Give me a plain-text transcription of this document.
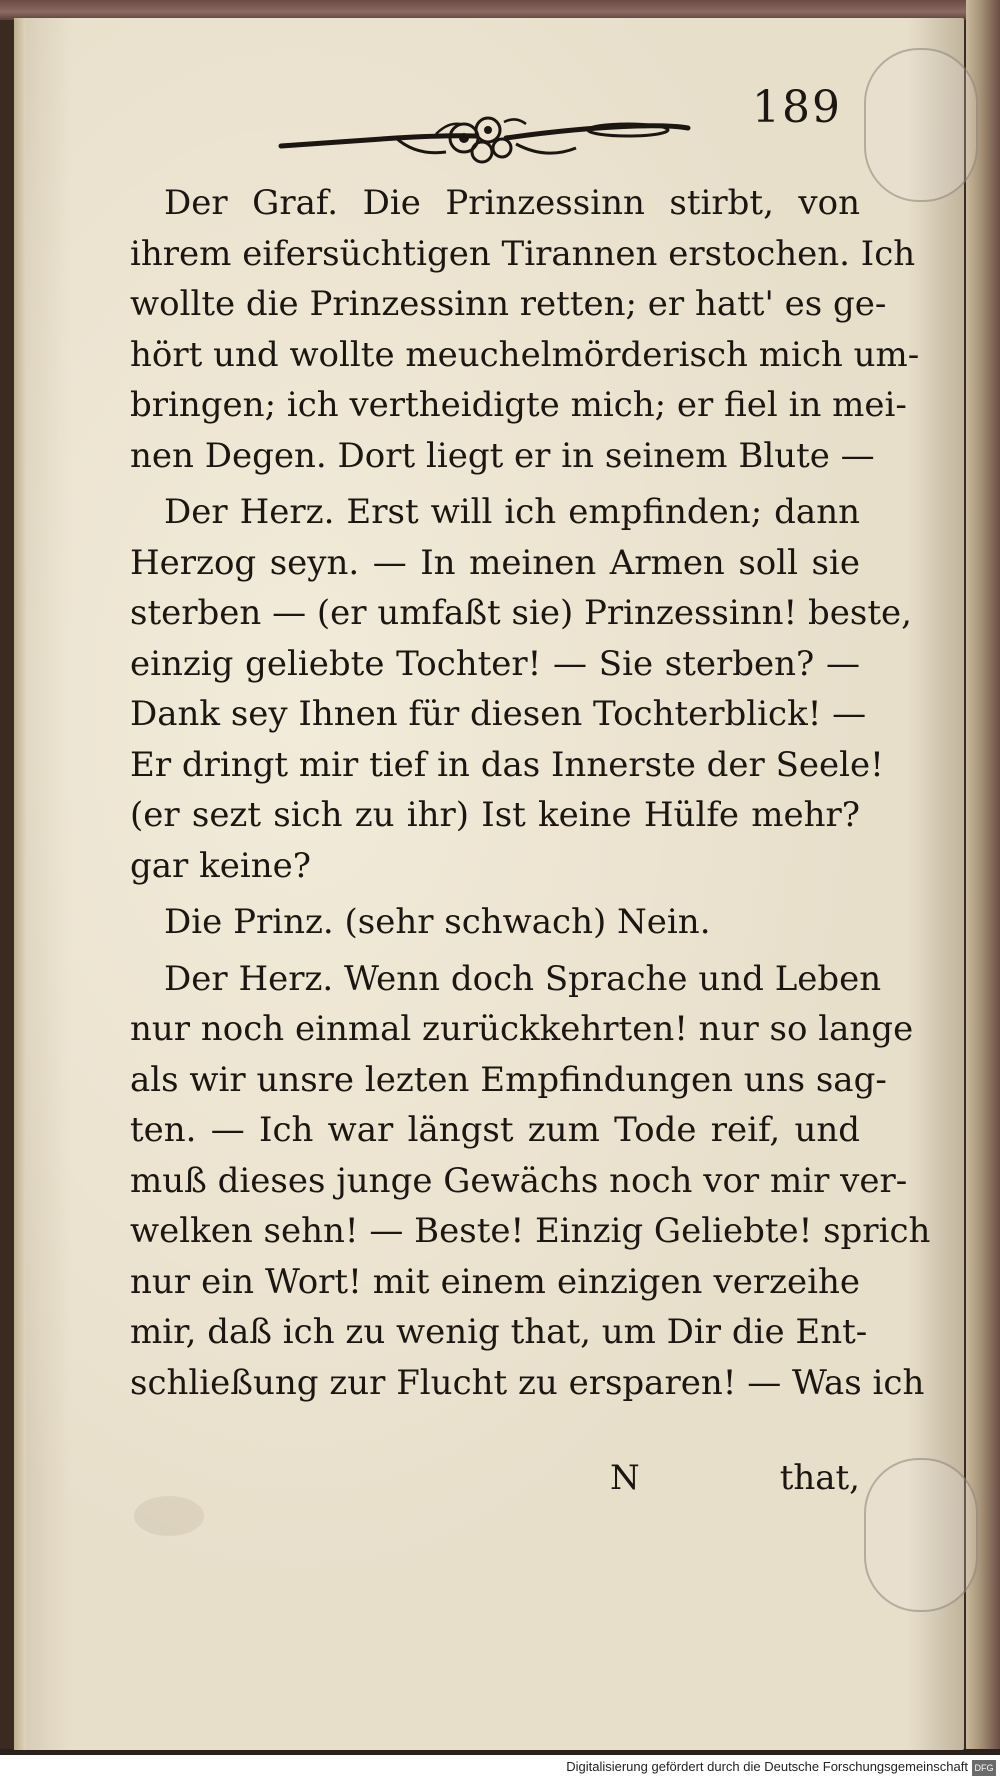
189
Der Graf. Die Prinzessinn stirbt, von
ihrem eifersüchtigen Tirannen erstochen. Ich
wollte die Prinzessinn retten; er hatt' es ge-
hört und wollte meuchelmörderisch mich um-
bringen; ich vertheidigte mich; er fiel in mei-
nen Degen. Dort liegt er in seinem Blute —
Der Herz. Erst will ich empfinden; dann
Herzog seyn. — In meinen Armen soll sie
sterben — (er umfaßt sie) Prinzessinn! beste,
einzig geliebte Tochter! — Sie sterben? —
Dank sey Ihnen für diesen Tochterblick! —
Er dringt mir tief in das Innerste der Seele!
(er sezt sich zu ihr) Ist keine Hülfe mehr?
gar keine?
Die Prinz. (sehr schwach) Nein.
Der Herz. Wenn doch Sprache und Leben
nur noch einmal zurückkehrten! nur so lange
als wir unsre lezten Empfindungen uns sag-
ten. — Ich war längst zum Tode reif, und
muß dieses junge Gewächs noch vor mir ver-
welken sehn! — Beste! Einzig Geliebte! sprich
nur ein Wort! mit einem einzigen verzeihe
mir, daß ich zu wenig that, um Dir die Ent-
schließung zur Flucht zu ersparen! — Was ich
N	that,
Digitalisierung gefördert durch die Deutsche Forschungsgemeinschaft DFG
